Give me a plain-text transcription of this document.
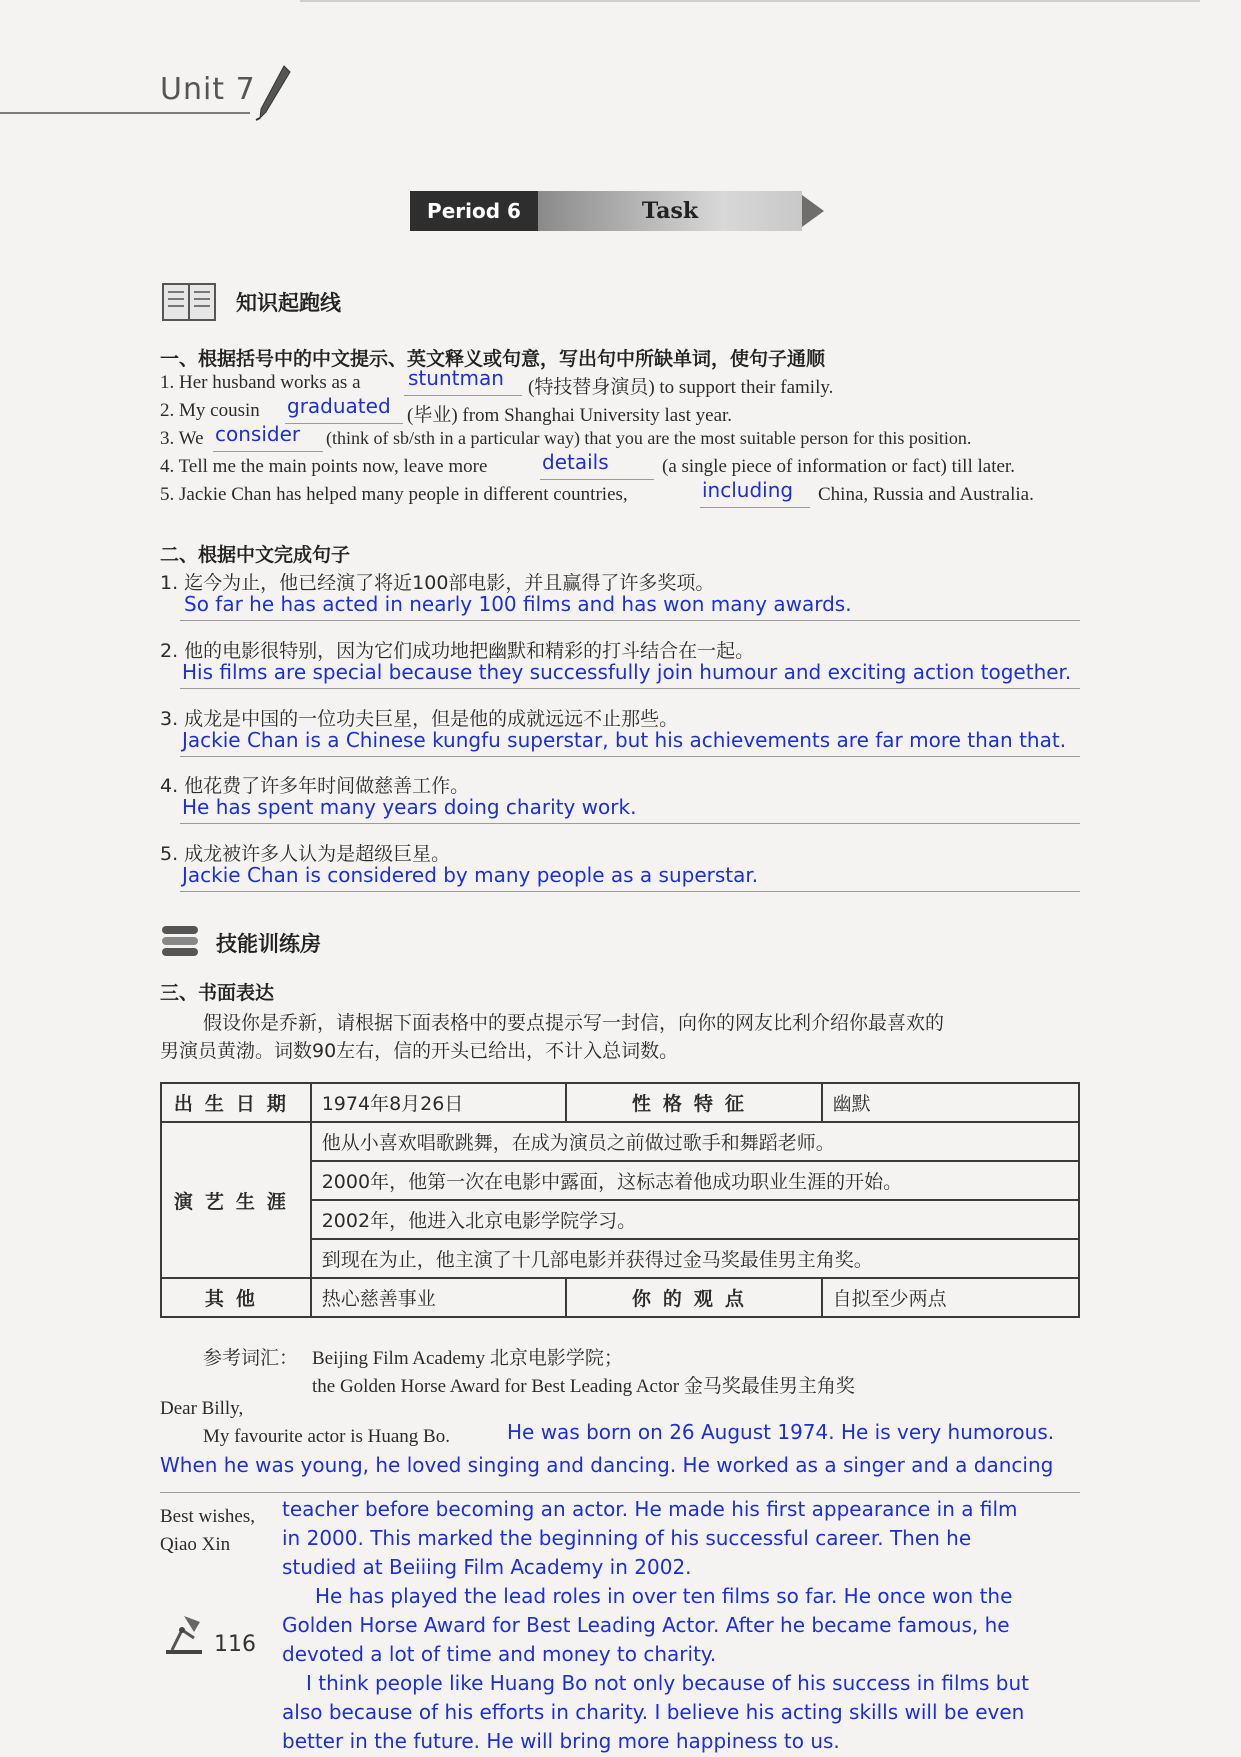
Unit 7
Period 6	Task
知识起跑线
一、根据括号中的中文提示、英文释义或句意，写出句中所缺单词，使句子通顺
1. Her husband works as a stuntman (特技替身演员) to support their family.
2. My cousin graduated (毕业) from Shanghai University last year.
3. We consider (think of sb/sth in a particular way) that you are the most suitable person for this position.
4. Tell me the main points now, leave more	details	(a single piece of information or fact) till later.
5. Jackie Chan has helped many people in different countries,	including China, Russia and Australia.
二、根据中文完成句子
1. 迄今为止，他已经演了将近100部电影，并且赢得了许多奖项。
So far he has acted in nearly 100 films and has won many awards.
2. 他的电影很特别，因为它们成功地把幽默和精彩的打斗结合在一起。
His films are special because they successfully join humour and exciting action together.
3. 成龙是中国的一位功夫巨星，但是他的成就远远不止那些。
Jackie Chan is a Chinese kungfu superstar, but his achievements are far more than that.
4. 他花费了许多年时间做慈善工作。
He has spent many years doing charity work.
5. 成龙被许多人认为是超级巨星。
Jackie Chan is considered by many people as a superstar.
技能训练房
三、书面表达
假设你是乔新，请根据下面表格中的要点提示写一封信，向你的网友比利介绍你最喜欢的
男演员黄渤。词数90左右，信的开头已给出，不计入总词数。
出生日期	1974年8月26日	性格特征	幽默
演艺生涯	他从小喜欢唱歌跳舞，在成为演员之前做过歌手和舞蹈老师。		
	2000年，他第一次在电影中露面，这标志着他成功职业生涯的开始。		
	2002年，他进入北京电影学院学习。		
	到现在为止，他主演了十几部电影并获得过金马奖最佳男主角奖。		
其他	热心慈善事业	你的观点	自拟至少两点
参考词汇： Beijing Film Academy 北京电影学院；
the Golden Horse Award for Best Leading Actor 金马奖最佳男主角奖
Dear Billy,
My favourite actor is Huang Bo.	He was born on 26 August 1974. He is very humorous.
When he was young, he loved singing and dancing. He worked as a singer and a dancing
Best wishes,
Qiao Xin
teacher before becoming an actor. He made his first appearance in a film
in 2000. This marked the beginning of his successful career. Then he
studied at Beiiing Film Academy in 2002.
He has played the lead roles in over ten films so far. He once won the
Golden Horse Award for Best Leading Actor. After he became famous, he
devoted a lot of time and money to charity.
I think people like Huang Bo not only because of his success in films but
also because of his efforts in charity. I believe his acting skills will be even
better in the future. He will bring more happiness to us.
116
